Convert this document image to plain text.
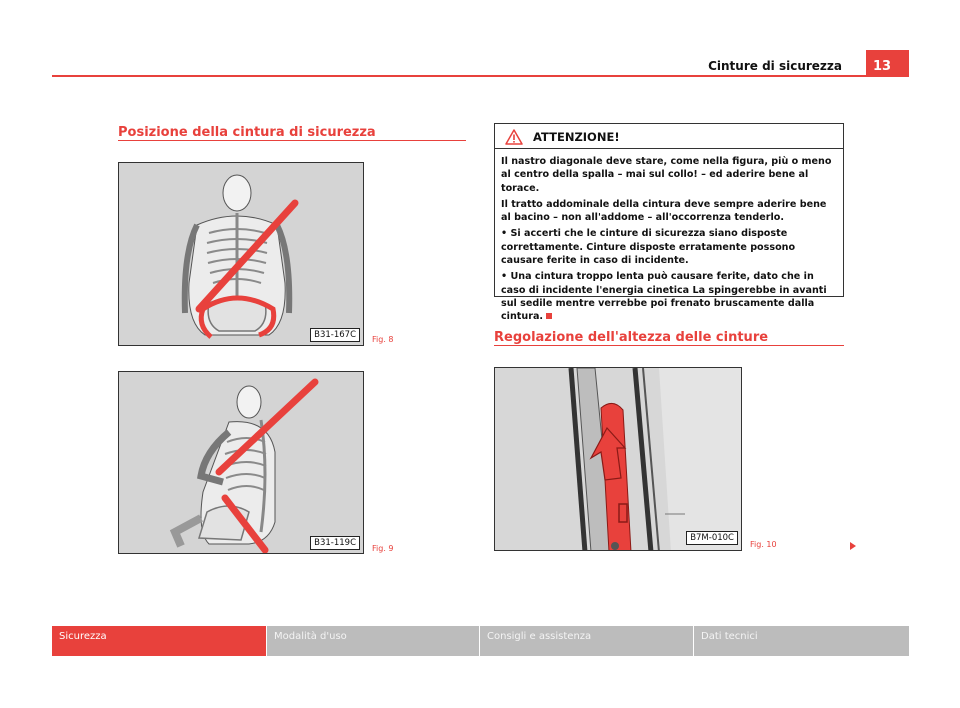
Cinture di sicurezza	13
Posizione della cintura di sicurezza
B31-167C	Fig. 8
B31-119C
Fig. 9
ATTENZIONE!

Il nastro diagonale deve stare, come nella figura, più o meno al centro della spalla – mai sul collo! – ed aderire bene al torace.

Il tratto addominale della cintura deve sempre aderire bene al bacino – non all'addome – all'occorrenza tenderlo.

• Si accerti che le cinture di sicurezza siano disposte correttamente. Cinture disposte erratamente possono causare ferite in caso di incidente.

• Una cintura troppo lenta può causare ferite, dato che in caso di incidente l'energia cinetica La spingerebbe in avanti sul sedile mentre verrebbe poi frenato bruscamente dalla cintura.

Regolazione dell'altezza delle cinture
B7M-010C
Fig. 10
Sicurezza	Modalità d'uso	Consigli e assistenza	Dati tecnici
